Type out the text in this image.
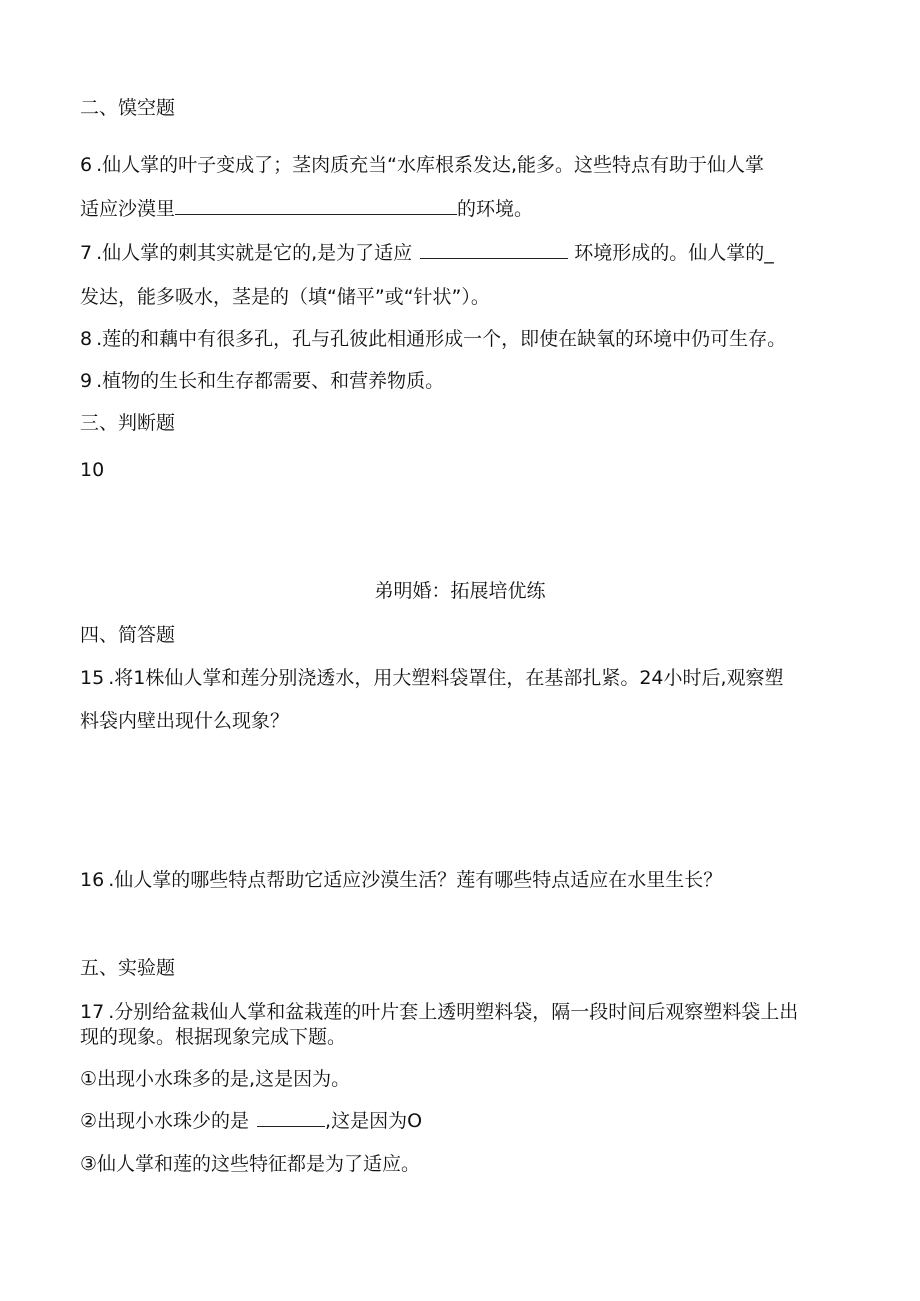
二、馍空题
6 .仙人掌的叶子变成了；茎肉质充当“水库根系发达,能多。这些特点有助于仙人掌
适应沙漠里	的环境。
7 .仙人掌的刺其实就是它的,是为了适应	环境形成的。仙人掌的_
发达，能多吸水，茎是的（填“储平”或“针状”）。
8 .莲的和藕中有很多孔，孔与孔彼此相通形成一个，即使在缺氧的环境中仍可生存。
9 .植物的生长和生存都需要、和营养物质。
三、判断题
10
弟明婚：拓展培优练
四、简答题
15 .将1株仙人掌和莲分别浇透水，用大塑料袋罩住，在基部扎紧。24小时后,观察塑
料袋内壁出现什么现象？
16 .仙人掌的哪些特点帮助它适应沙漠生活？莲有哪些特点适应在水里生长？
五、实验题
17 .分别给盆栽仙人掌和盆栽莲的叶片套上透明塑料袋，隔一段时间后观察塑料袋上出
现的现象。根据现象完成下题。
①出现小水珠多的是,这是因为。
②出现小水珠少的是	,这是因为O
③仙人掌和莲的这些特征都是为了适应。
